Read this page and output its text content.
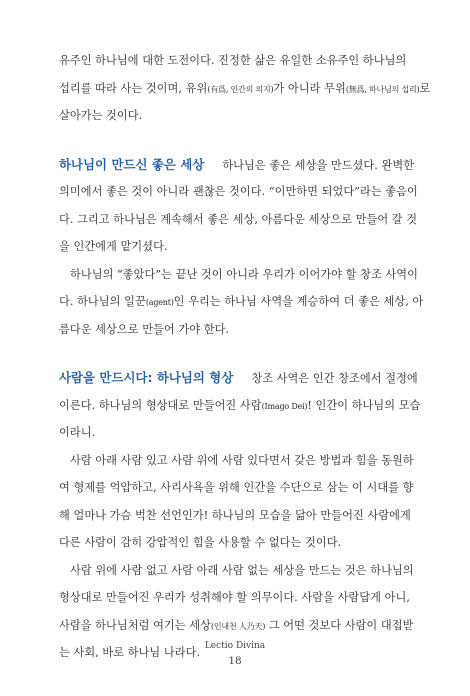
유주인 하나님에 대한 도전이다. 진정한 삶은 유일한 소유주인 하나님의
섭리를 따라 사는 것이며, 유위(有爲, 인간의 의지)가 아니라 무위(無爲, 하나님의 섭리)로
살아가는 것이다.
하나님이 만드신 좋은 세상 하나님은 좋은 세상을 만드셨다. 완벽한
의미에서 좋은 것이 아니라 괜찮은 것이다. “이만하면 되었다”라는 좋음이
다. 그리고 하나님은 계속해서 좋은 세상, 아름다운 세상으로 만들어 갈 것
을 인간에게 맡기셨다.
하나님의 “좋았다”는 끝난 것이 아니라 우리가 이어가야 할 창조 사역이
다. 하나님의 일꾼(agent)인 우리는 하나님 사역을 계승하여 더 좋은 세상, 아
름다운 세상으로 만들어 가야 한다.
사람을 만드시다: 하나님의 형상 창조 사역은 인간 창조에서 절정에
이른다. 하나님의 형상대로 만들어진 사람(Imago Dei)! 인간이 하나님의 모습
이라니.
사람 아래 사람 있고 사람 위에 사람 있다면서 갖은 방법과 힘을 동원하
여 형제를 억압하고, 사리사욕을 위해 인간을 수단으로 삼는 이 시대를 향
해 얼마나 가슴 벅찬 선언인가! 하나님의 모습을 닮아 만들어진 사람에게
다른 사람이 감히 강압적인 힘을 사용할 수 없다는 것이다.
사람 위에 사람 없고 사람 아래 사람 없는 세상을 만드는 것은 하나님의
형상대로 만들어진 우리가 성취해야 할 의무이다. 사람을 사람답게 아니,
사람을 하나님처럼 여기는 세상(인내천 人乃天) 그 어떤 것보다 사람이 대접받
는 사회, 바로 하나님 나라다. Lectio Divina
18
